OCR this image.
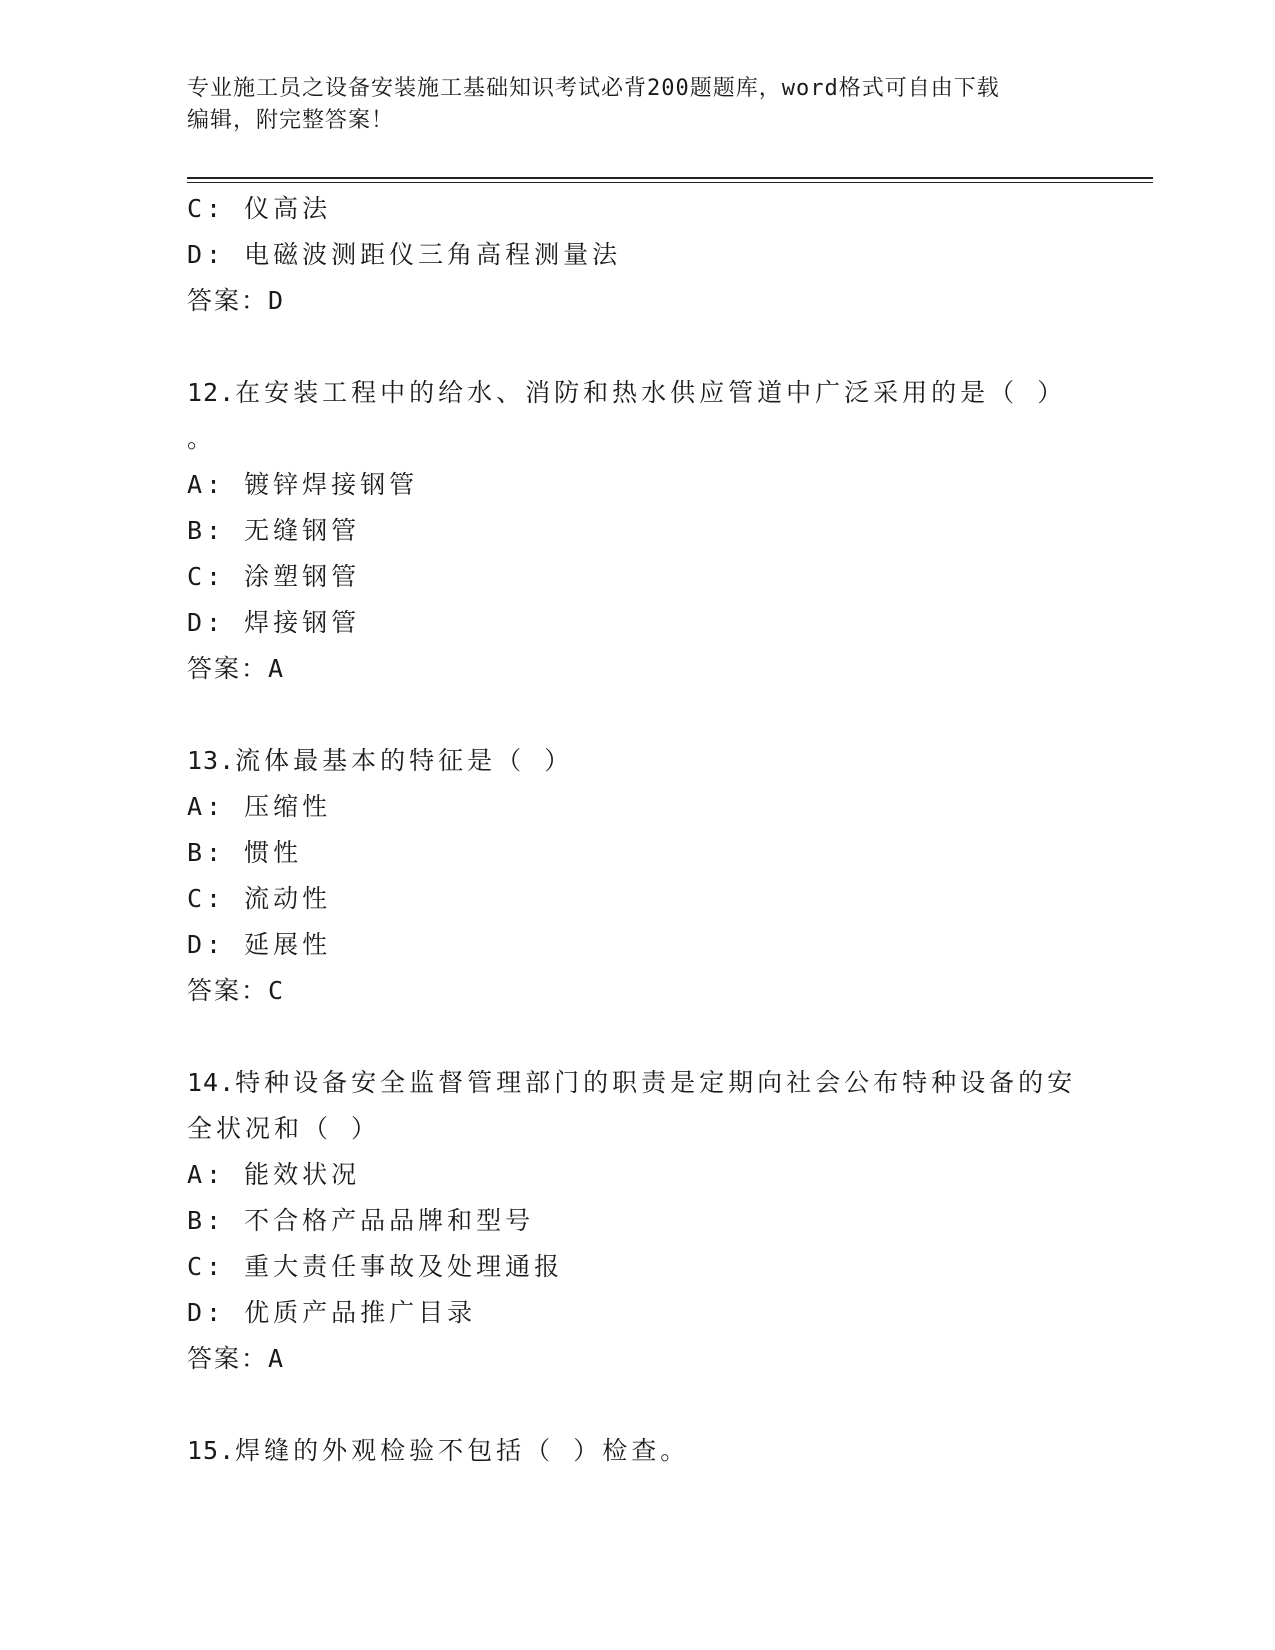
专业施工员之设备安装施工基础知识考试必背200题题库，word格式可自由下载
编辑，附完整答案！
C: 仪高法
D: 电磁波测距仪三角高程测量法
答案：D
12.在安装工程中的给水、消防和热水供应管道中广泛采用的是（ ）
。
A: 镀锌焊接钢管
B: 无缝钢管
C: 涂塑钢管
D: 焊接钢管
答案：A
13.流体最基本的特征是（ ）
A: 压缩性
B: 惯性
C: 流动性
D: 延展性
答案：C
14.特种设备安全监督管理部门的职责是定期向社会公布特种设备的安
全状况和（ ）
A: 能效状况
B: 不合格产品品牌和型号
C: 重大责任事故及处理通报
D: 优质产品推广目录
答案：A
15.焊缝的外观检验不包括（ ）检查。
